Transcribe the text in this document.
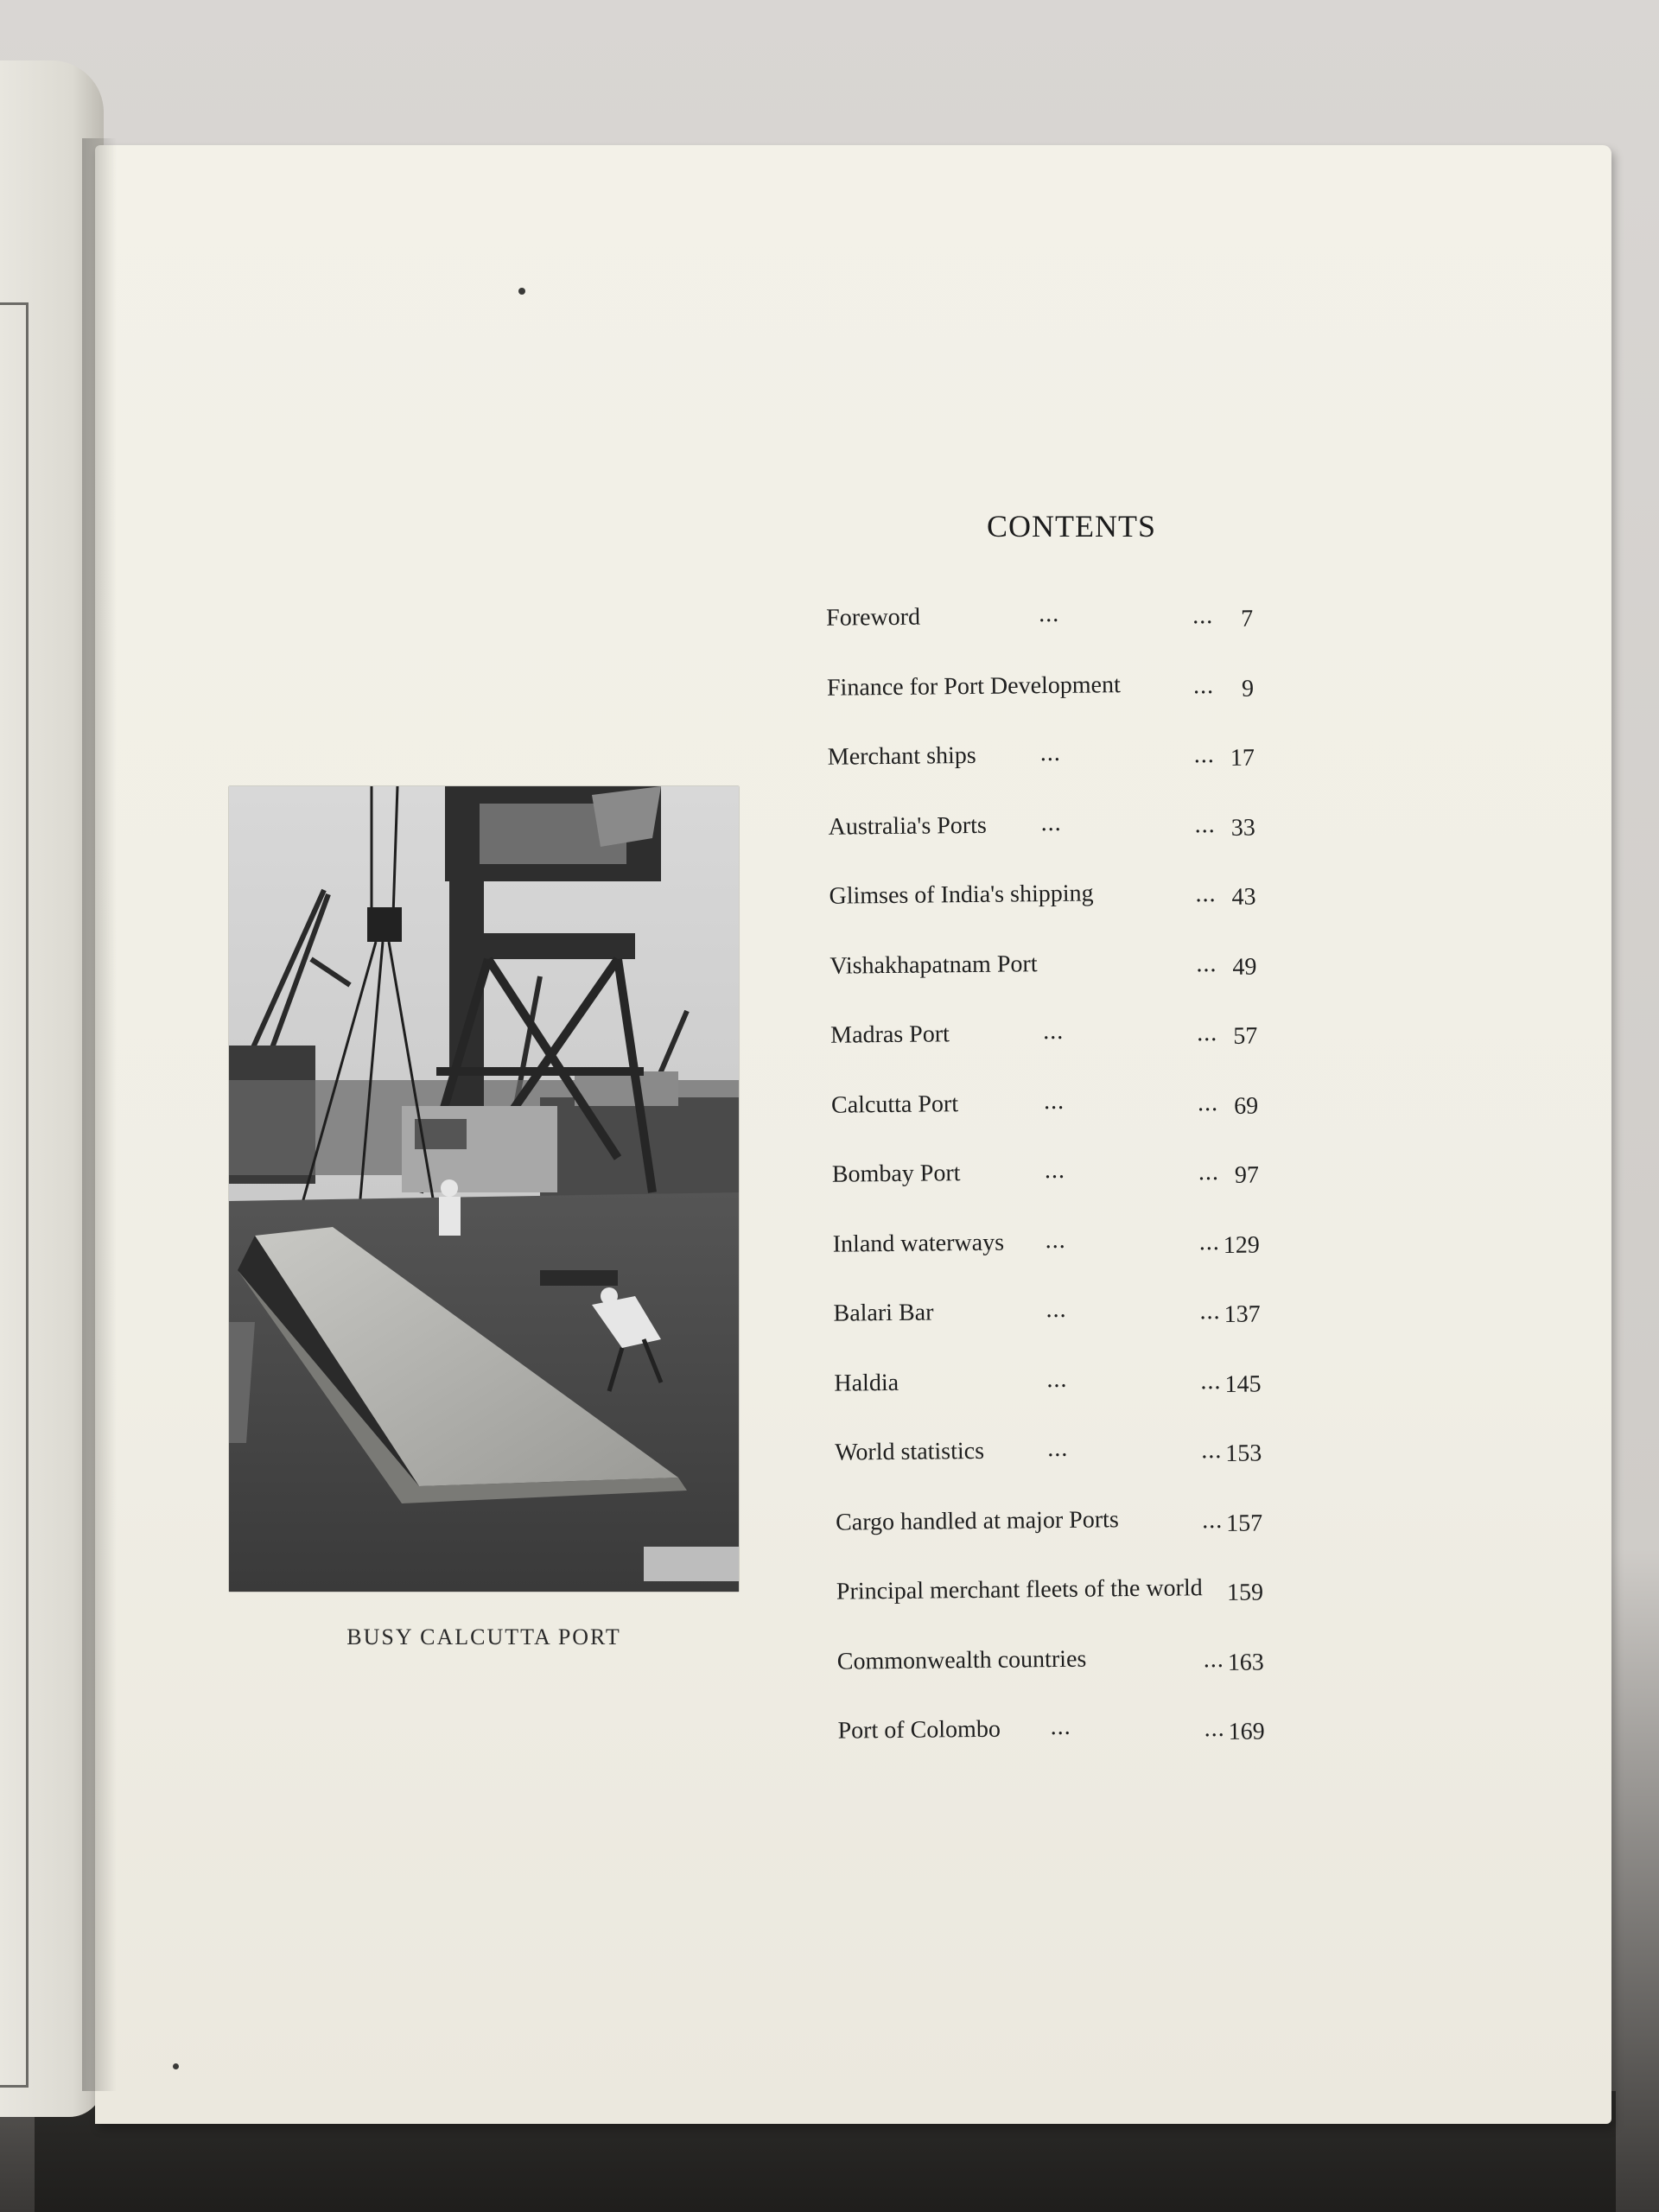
BUSY CALCUTTA PORT
CONTENTS
Foreword	...	... 7
Finance for Port Development	... 9
Merchant ships	...	... 17
Australia's Ports ...	... 33
Glimses of India's shipping	... 43
Vishakhapatnam Port	... 49
Madras Port	...	... 57
Calcutta Port	...	... 69
Bombay Port	...	... 97
Inland waterways ...	... 129
Balari Bar	...	... 137
Haldia	...	... 145
World statistics	...	... 153
Cargo handled at major Ports	... 157
Principal merchant fleets of the world 159
Commonwealth countries	... 163
Port of Colombo ...	... 169
